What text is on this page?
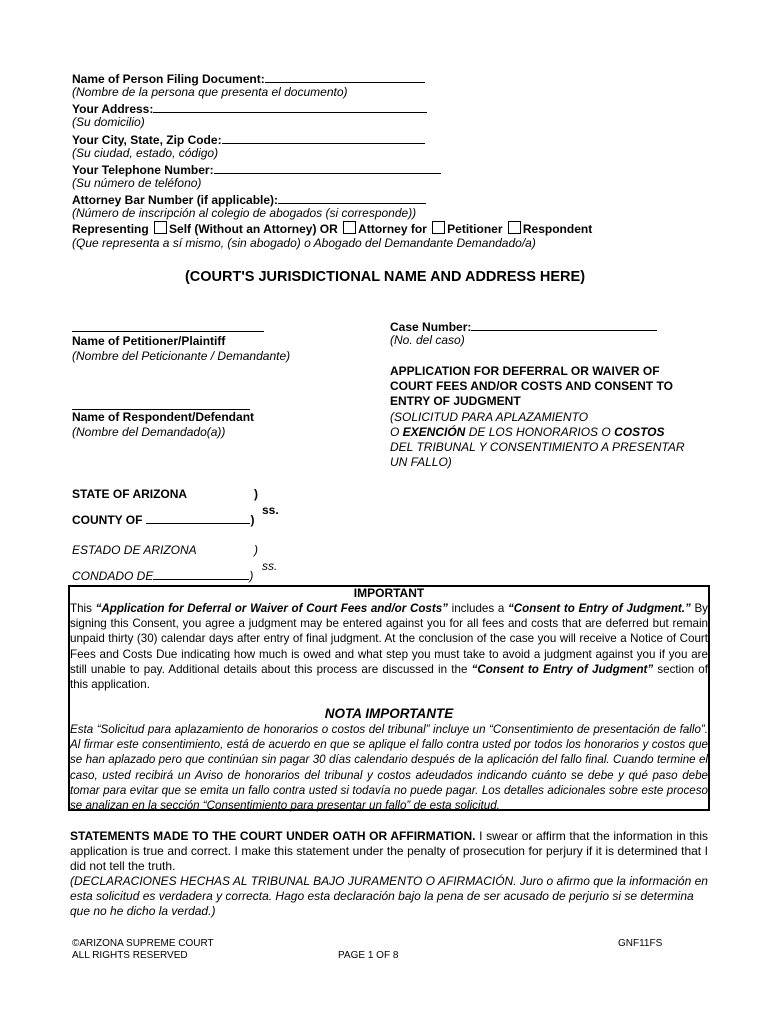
Name of Person Filing Document:
(Nombre de la persona que presenta el documento)
Your Address:
(Su domicilio)
Your City, State, Zip Code:
(Su ciudad, estado, código)
Your Telephone Number:
(Su número de teléfono)
Attorney Bar Number (if applicable):
(Número de inscripción al colegio de abogados (si corresponde))
Representing Self (Without an Attorney) OR Attorney for Petitioner Respondent
(Que representa a sí mismo, (sin abogado) o Abogado del Demandante Demandado/a)
(COURT'S JURISDICTIONAL NAME AND ADDRESS HERE)
Name of Petitioner/Plaintiff
(Nombre del Peticionante / Demandante)
Name of Respondent/Defendant
(Nombre del Demandado(a))
Case Number:
(No. del caso)
APPLICATION FOR DEFERRAL OR WAIVER OF
COURT FEES AND/OR COSTS AND CONSENT TO
ENTRY OF JUDGMENT
(SOLICITUD PARA APLAZAMIENTO
O EXENCIÓN DE LOS HONORARIOS O COSTOS
DEL TRIBUNAL Y CONSENTIMIENTO A PRESENTAR
UN FALLO)
STATE OF ARIZONA	)
ss.
COUNTY OF	)
ESTADO DE ARIZONA	)
ss.
CONDADO DE	)
IMPORTANT
This “Application for Deferral or Waiver of Court Fees and/or Costs” includes a “Consent to Entry of Judgment.” By signing this Consent, you agree a judgment may be entered against you for all fees and costs that are deferred but remain unpaid thirty (30) calendar days after entry of final judgment. At the conclusion of the case you will receive a Notice of Court Fees and Costs Due indicating how much is owed and what step you must take to avoid a judgment against you if you are still unable to pay. Additional details about this process are discussed in the “Consent to Entry of Judgment” section of this application.
NOTA IMPORTANTE
Esta “Solicitud para aplazamiento de honorarios o costos del tribunal” incluye un “Consentimiento de presentación de fallo”. Al firmar este consentimiento, está de acuerdo en que se aplique el fallo contra usted por todos los honorarios y costos que se han aplazado pero que continúan sin pagar 30 días calendario después de la aplicación del fallo final. Cuando termine el caso, usted recibirá un Aviso de honorarios del tribunal y costos adeudados indicando cuánto se debe y qué paso debe tomar para evitar que se emita un fallo contra usted si todavía no puede pagar. Los detalles adicionales sobre este proceso se analizan en la sección “Consentimiento para presentar un fallo” de esta solicitud.
STATEMENTS MADE TO THE COURT UNDER OATH OR AFFIRMATION. I swear or affirm that the information in this application is true and correct. I make this statement under the penalty of prosecution for perjury if it is determined that I did not tell the truth.
(DECLARACIONES HECHAS AL TRIBUNAL BAJO JURAMENTO O AFIRMACIÓN. Juro o afirmo que la información en esta solicitud es verdadera y correcta. Hago esta declaración bajo la pena de ser acusado de perjurio si se determina que no he dicho la verdad.)
©ARIZONA SUPREME COURT
ALL RIGHTS RESERVED	PAGE 1 OF 8
GNF11FS
